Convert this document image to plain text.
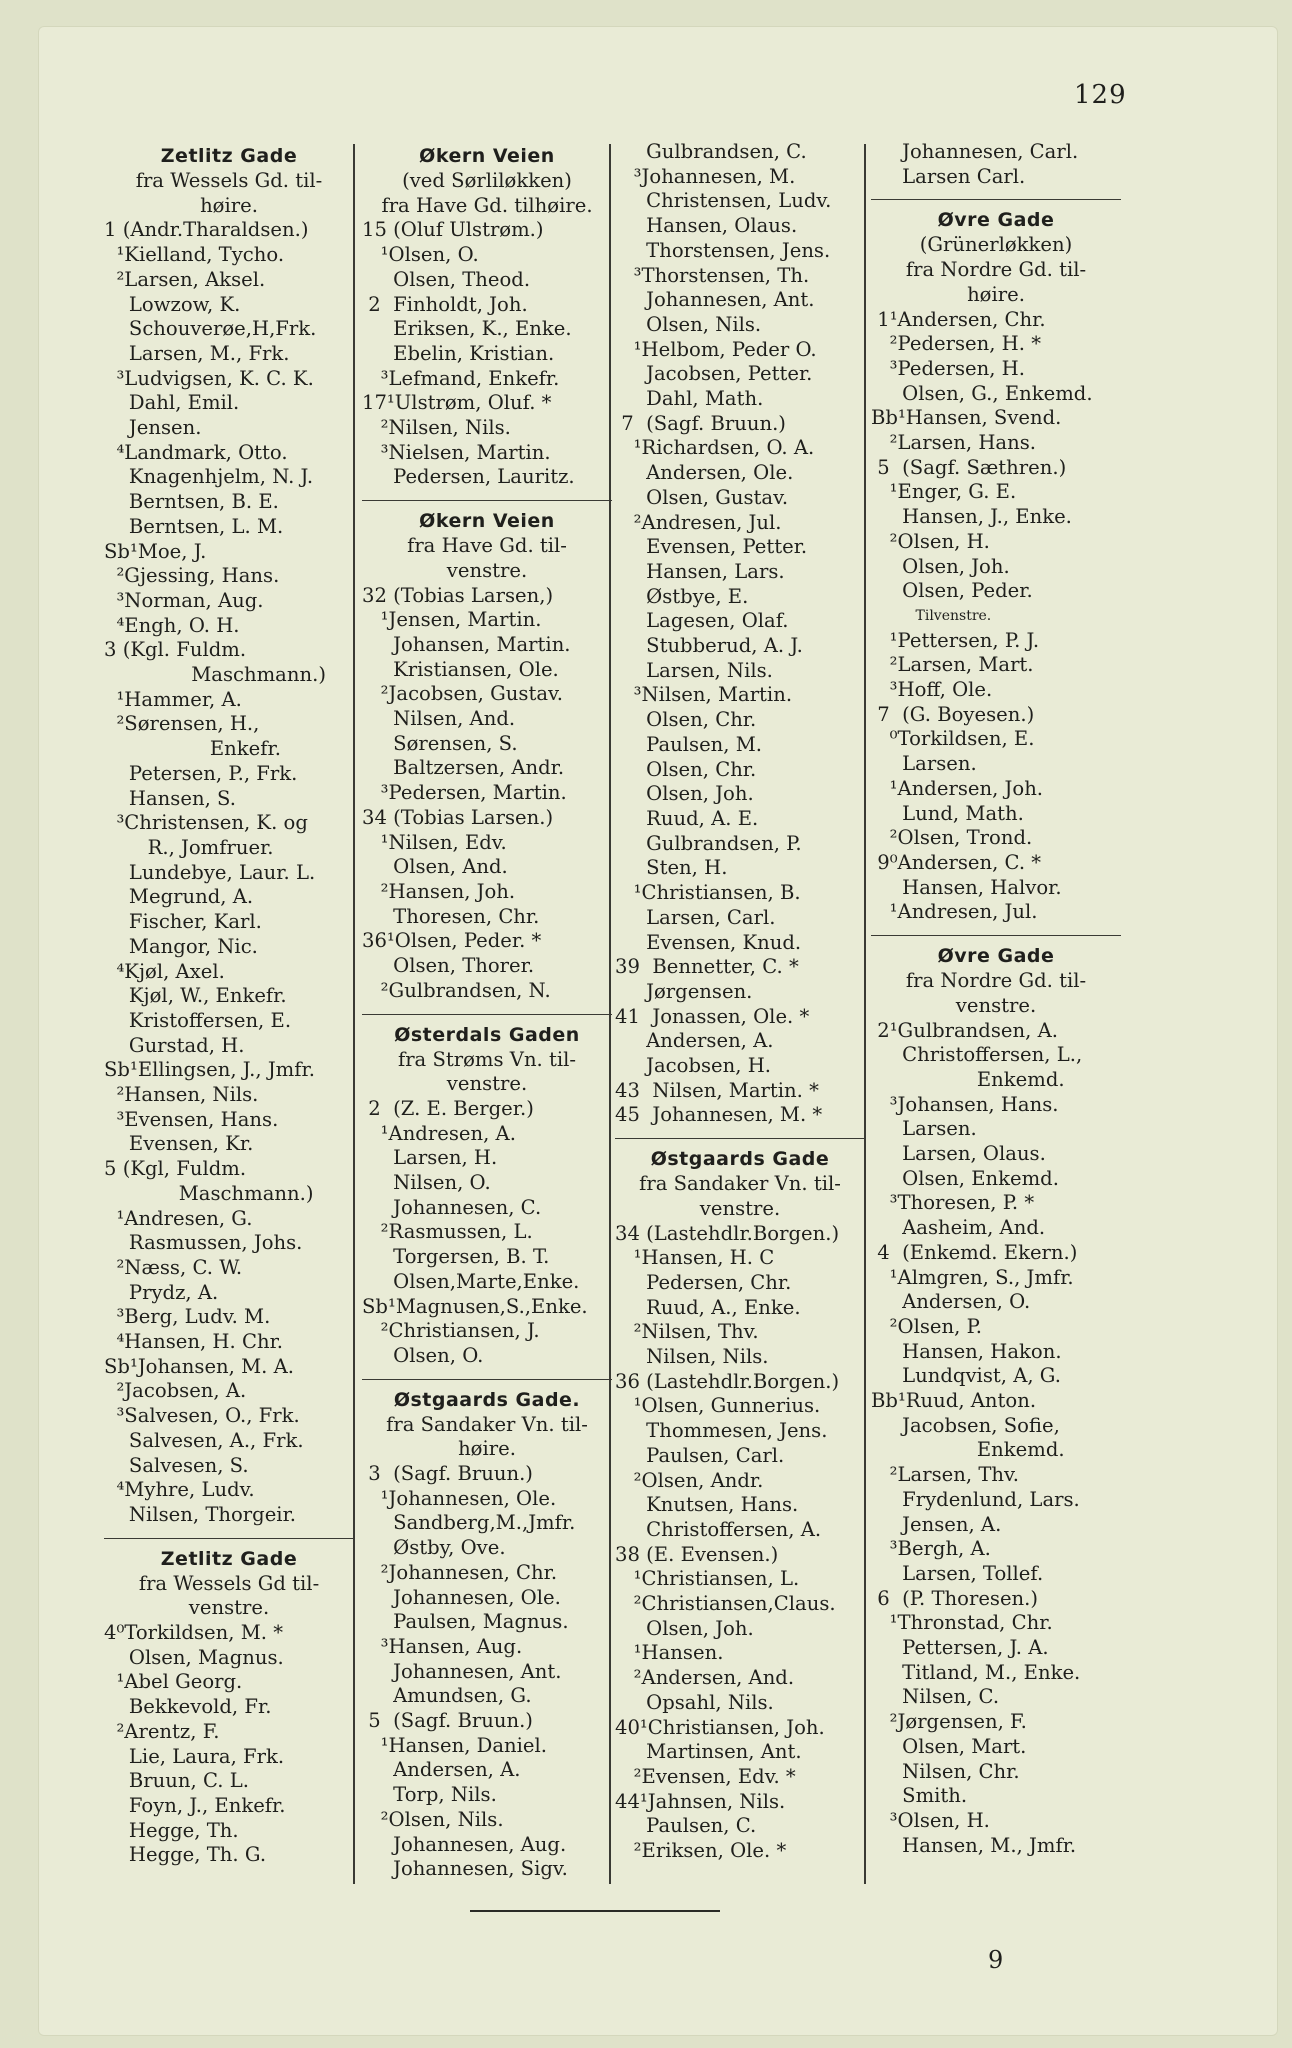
129
Zetlitz Gade
fra Wessels Gd. til-
høire.
1 (Andr.Tharaldsen.)
¹Kielland, Tycho.
²Larsen, Aksel.
Lowzow, K.
Schouverøe,H,Frk.
Larsen, M., Frk.
³Ludvigsen, K. C. K.
Dahl, Emil.
Jensen.
⁴Landmark, Otto.
Knagenhjelm, N. J.
Berntsen, B. E.
Berntsen, L. M.
Sb¹Moe, J.
²Gjessing, Hans.
³Norman, Aug.
⁴Engh, O. H.
3 (Kgl. Fuldm.
Maschmann.)
¹Hammer, A.
²Sørensen, H.,
Enkefr.
Petersen, P., Frk.
Hansen, S.
³Christensen, K. og
R., Jomfruer.
Lundebye, Laur. L.
Megrund, A.
Fischer, Karl.
Mangor, Nic.
⁴Kjøl, Axel.
Kjøl, W., Enkefr.
Kristoffersen, E.
Gurstad, H.
Sb¹Ellingsen, J., Jmfr.
²Hansen, Nils.
³Evensen, Hans.
Evensen, Kr.
5 (Kgl, Fuldm.
Maschmann.)
¹Andresen, G.
Rasmussen, Johs.
²Næss, C. W.
Prydz, A.
³Berg, Ludv. M.
⁴Hansen, H. Chr.
Sb¹Johansen, M. A.
²Jacobsen, A.
³Salvesen, O., Frk.
Salvesen, A., Frk.
Salvesen, S.
⁴Myhre, Ludv.
Nilsen, Thorgeir.
Zetlitz Gade
fra Wessels Gd til-
venstre.
4⁰Torkildsen, M. *
Olsen, Magnus.
¹Abel Georg.
Bekkevold, Fr.
²Arentz, F.
Lie, Laura, Frk.
Bruun, C. L.
Foyn, J., Enkefr.
Hegge, Th.
Hegge, Th. G.
Økern Veien
(ved Sørliløkken)
fra Have Gd. tilhøire.
15 (Oluf Ulstrøm.)
¹Olsen, O.
Olsen, Theod.
2  Finholdt, Joh.
Eriksen, K., Enke.
Ebelin, Kristian.
³Lefmand, Enkefr.
17¹Ulstrøm, Oluf. *
²Nilsen, Nils.
³Nielsen, Martin.
Pedersen, Lauritz.
Økern Veien
fra Have Gd. til-
venstre.
32 (Tobias Larsen,)
¹Jensen, Martin.
Johansen, Martin.
Kristiansen, Ole.
²Jacobsen, Gustav.
Nilsen, And.
Sørensen, S.
Baltzersen, Andr.
³Pedersen, Martin.
34 (Tobias Larsen.)
¹Nilsen, Edv.
Olsen, And.
²Hansen, Joh.
Thoresen, Chr.
36¹Olsen, Peder. *
Olsen, Thorer.
²Gulbrandsen, N.
Østerdals Gaden
fra Strøms Vn. til-
venstre.
2  (Z. E. Berger.)
¹Andresen, A.
Larsen, H.
Nilsen, O.
Johannesen, C.
²Rasmussen, L.
Torgersen, B. T.
Olsen,Marte,Enke.
Sb¹Magnusen,S.,Enke.
²Christiansen, J.
Olsen, O.
Østgaards Gade.
fra Sandaker Vn. til-
høire.
3  (Sagf. Bruun.)
¹Johannesen, Ole.
Sandberg,M.,Jmfr.
Østby, Ove.
²Johannesen, Chr.
Johannesen, Ole.
Paulsen, Magnus.
³Hansen, Aug.
Johannesen, Ant.
Amundsen, G.
5  (Sagf. Bruun.)
¹Hansen, Daniel.
Andersen, A.
Torp, Nils.
²Olsen, Nils.
Johannesen, Aug.
Johannesen, Sigv.
Gulbrandsen, C.
³Johannesen, M.
Christensen, Ludv.
Hansen, Olaus.
Thorstensen, Jens.
³Thorstensen, Th.
Johannesen, Ant.
Olsen, Nils.
¹Helbom, Peder O.
Jacobsen, Petter.
Dahl, Math.
7  (Sagf. Bruun.)
¹Richardsen, O. A.
Andersen, Ole.
Olsen, Gustav.
²Andresen, Jul.
Evensen, Petter.
Hansen, Lars.
Østbye, E.
Lagesen, Olaf.
Stubberud, A. J.
Larsen, Nils.
³Nilsen, Martin.
Olsen, Chr.
Paulsen, M.
Olsen, Chr.
Olsen, Joh.
Ruud, A. E.
Gulbrandsen, P.
Sten, H.
¹Christiansen, B.
Larsen, Carl.
Evensen, Knud.
39  Bennetter, C. *
Jørgensen.
41  Jonassen, Ole. *
Andersen, A.
Jacobsen, H.
43  Nilsen, Martin. *
45  Johannesen, M. *
Østgaards Gade
fra Sandaker Vn. til-
venstre.
34 (Lastehdlr.Borgen.)
¹Hansen, H. C
Pedersen, Chr.
Ruud, A., Enke.
²Nilsen, Thv.
Nilsen, Nils.
36 (Lastehdlr.Borgen.)
¹Olsen, Gunnerius.
Thommesen, Jens.
Paulsen, Carl.
²Olsen, Andr.
Knutsen, Hans.
Christoffersen, A.
38 (E. Evensen.)
¹Christiansen, L.
²Christiansen,Claus.
Olsen, Joh.
¹Hansen.
²Andersen, And.
Opsahl, Nils.
40¹Christiansen, Joh.
Martinsen, Ant.
²Evensen, Edv. *
44¹Jahnsen, Nils.
Paulsen, C.
²Eriksen, Ole. *
Johannesen, Carl.
Larsen Carl.
Øvre Gade
(Grünerløkken)
fra Nordre Gd. til-
høire.
1¹Andersen, Chr.
²Pedersen, H. *
³Pedersen, H.
Olsen, G., Enkemd.
Bb¹Hansen, Svend.
²Larsen, Hans.
5  (Sagf. Sæthren.)
¹Enger, G. E.
Hansen, J., Enke.
²Olsen, H.
Olsen, Joh.
Olsen, Peder.
Tilvenstre.
¹Pettersen, P. J.
²Larsen, Mart.
³Hoff, Ole.
7  (G. Boyesen.)
⁰Torkildsen, E.
Larsen.
¹Andersen, Joh.
Lund, Math.
²Olsen, Trond.
9⁰Andersen, C. *
Hansen, Halvor.
¹Andresen, Jul.
Øvre Gade
fra Nordre Gd. til-
venstre.
2¹Gulbrandsen, A.
Christoffersen, L.,
Enkemd.
³Johansen, Hans.
Larsen.
Larsen, Olaus.
Olsen, Enkemd.
³Thoresen, P. *
Aasheim, And.
4  (Enkemd. Ekern.)
¹Almgren, S., Jmfr.
Andersen, O.
²Olsen, P.
Hansen, Hakon.
Lundqvist, A, G.
Bb¹Ruud, Anton.
Jacobsen, Sofie,
Enkemd.
²Larsen, Thv.
Frydenlund, Lars.
Jensen, A.
³Bergh, A.
Larsen, Tollef.
6  (P. Thoresen.)
¹Thronstad, Chr.
Pettersen, J. A.
Titland, M., Enke.
Nilsen, C.
²Jørgensen, F.
Olsen, Mart.
Nilsen, Chr.
Smith.
³Olsen, H.
Hansen, M., Jmfr.
9
